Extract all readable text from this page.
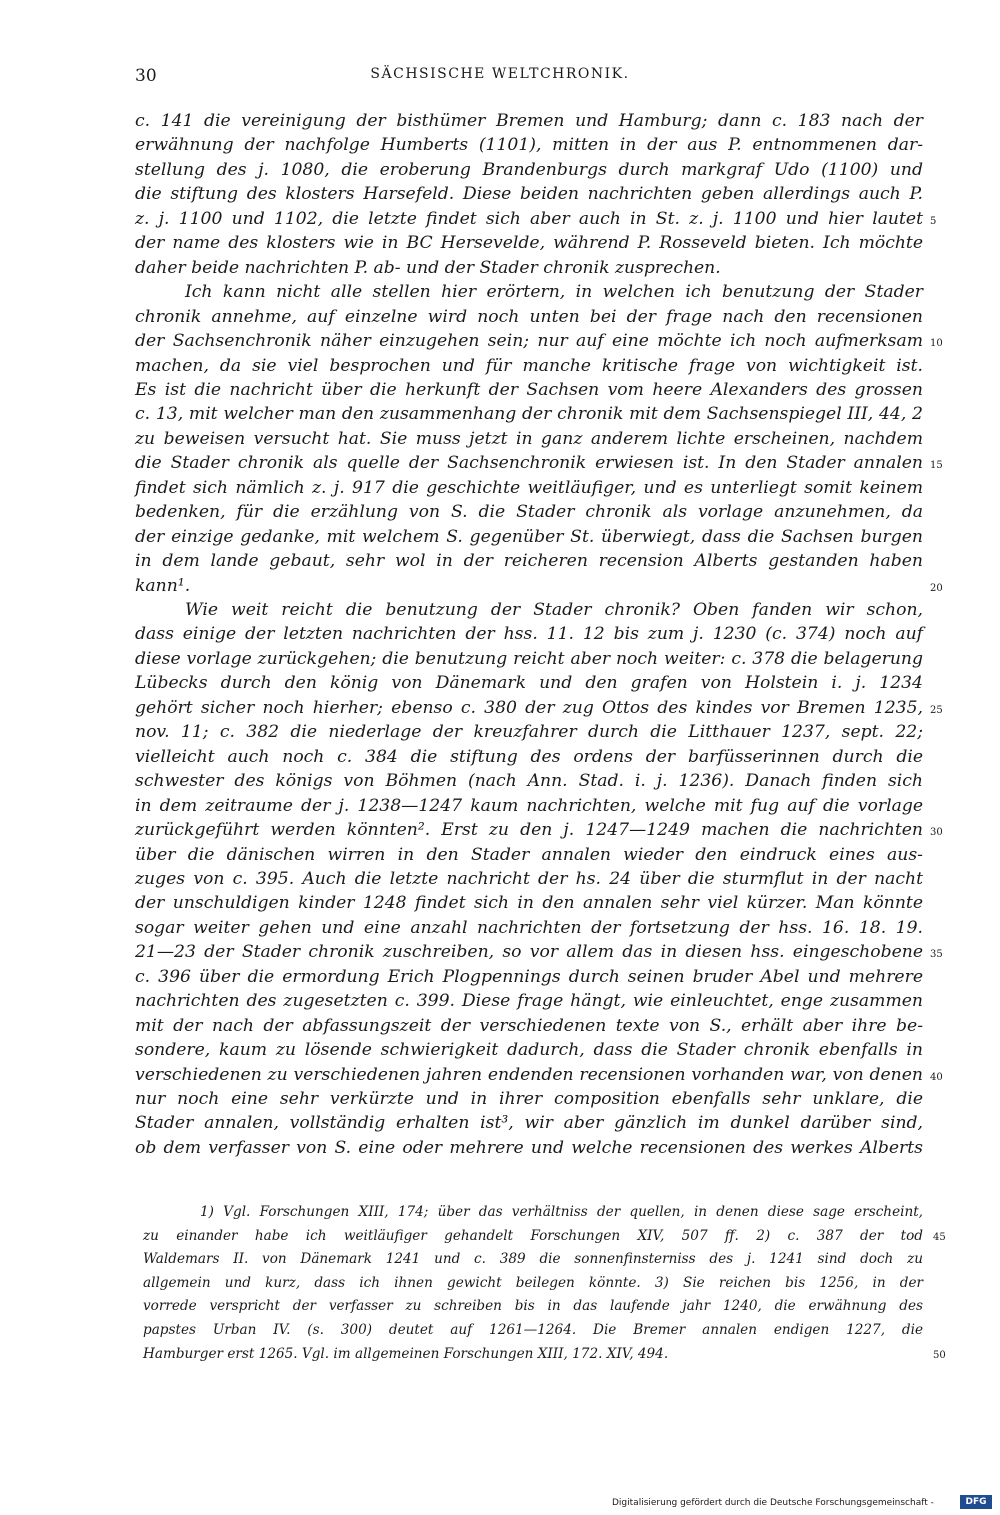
30	SÄCHSISCHE WELTCHRONIK.
c. 141 die vereinigung der bisthümer Bremen und Hamburg; dann c. 183 nach der
erwähnung der nachfolge Humberts (1101), mitten in der aus P. entnommenen dar-
stellung des j. 1080, die eroberung Brandenburgs durch markgraf Udo (1100) und
die stiftung des klosters Harsefeld. Diese beiden nachrichten geben allerdings auch P.
z. j. 1100 und 1102, die letzte findet sich aber auch in St. z. j. 1100 und hier lautet
der name des klosters wie in BC Hersevelde, während P. Rosseveld bieten. Ich möchte
daher beide nachrichten P. ab- und der Stader chronik zusprechen.
Ich kann nicht alle stellen hier erörtern, in welchen ich benutzung der Stader
chronik annehme, auf einzelne wird noch unten bei der frage nach den recensionen
der Sachsenchronik näher einzugehen sein; nur auf eine möchte ich noch aufmerksam
machen, da sie viel besprochen und für manche kritische frage von wichtigkeit ist.
Es ist die nachricht über die herkunft der Sachsen vom heere Alexanders des grossen
c. 13, mit welcher man den zusammenhang der chronik mit dem Sachsenspiegel III, 44, 2
zu beweisen versucht hat. Sie muss jetzt in ganz anderem lichte erscheinen, nachdem
die Stader chronik als quelle der Sachsenchronik erwiesen ist. In den Stader annalen
findet sich nämlich z. j. 917 die geschichte weitläufiger, und es unterliegt somit keinem
bedenken, für die erzählung von S. die Stader chronik als vorlage anzunehmen, da
der einzige gedanke, mit welchem S. gegenüber St. überwiegt, dass die Sachsen burgen
in dem lande gebaut, sehr wol in der reicheren recension Alberts gestanden haben
kann¹.
Wie weit reicht die benutzung der Stader chronik? Oben fanden wir schon,
dass einige der letzten nachrichten der hss. 11. 12 bis zum j. 1230 (c. 374) noch auf
diese vorlage zurückgehen; die benutzung reicht aber noch weiter: c. 378 die belagerung
Lübecks durch den könig von Dänemark und den grafen von Holstein i. j. 1234
gehört sicher noch hierher; ebenso c. 380 der zug Ottos des kindes vor Bremen 1235,
nov. 11; c. 382 die niederlage der kreuzfahrer durch die Litthauer 1237, sept. 22;
vielleicht auch noch c. 384 die stiftung des ordens der barfüsserinnen durch die
schwester des königs von Böhmen (nach Ann. Stad. i. j. 1236). Danach finden sich
in dem zeitraume der j. 1238—1247 kaum nachrichten, welche mit fug auf die vorlage
zurückgeführt werden könnten². Erst zu den j. 1247—1249 machen die nachrichten
über die dänischen wirren in den Stader annalen wieder den eindruck eines aus-
zuges von c. 395. Auch die letzte nachricht der hs. 24 über die sturmflut in der nacht
der unschuldigen kinder 1248 findet sich in den annalen sehr viel kürzer. Man könnte
sogar weiter gehen und eine anzahl nachrichten der fortsetzung der hss. 16. 18. 19.
21—23 der Stader chronik zuschreiben, so vor allem das in diesen hss. eingeschobene
c. 396 über die ermordung Erich Plogpennings durch seinen bruder Abel und mehrere
nachrichten des zugesetzten c. 399. Diese frage hängt, wie einleuchtet, enge zusammen
mit der nach der abfassungszeit der verschiedenen texte von S., erhält aber ihre be-
sondere, kaum zu lösende schwierigkeit dadurch, dass die Stader chronik ebenfalls in
verschiedenen zu verschiedenen jahren endenden recensionen vorhanden war, von denen
nur noch eine sehr verkürzte und in ihrer composition ebenfalls sehr unklare, die
Stader annalen, vollständig erhalten ist³, wir aber gänzlich im dunkel darüber sind,
ob dem verfasser von S. eine oder mehrere und welche recensionen des werkes Alberts
5
10
15
20
25
30
35
40
1) Vgl. Forschungen XIII, 174; über das verhältniss der quellen, in denen diese sage erscheint,
zu einander habe ich weitläufiger gehandelt Forschungen XIV, 507 ff. 2) c. 387 der tod
Waldemars II. von Dänemark 1241 und c. 389 die sonnenfinsterniss des j. 1241 sind doch zu
allgemein und kurz, dass ich ihnen gewicht beilegen könnte. 3) Sie reichen bis 1256, in der
vorrede verspricht der verfasser zu schreiben bis in das laufende jahr 1240, die erwähnung des
papstes Urban IV. (s. 300) deutet auf 1261—1264. Die Bremer annalen endigen 1227, die
Hamburger erst 1265. Vgl. im allgemeinen Forschungen XIII, 172. XIV, 494.
45
50
Digitalisierung gefördert durch die Deutsche Forschungsgemeinschaft -	DFG
